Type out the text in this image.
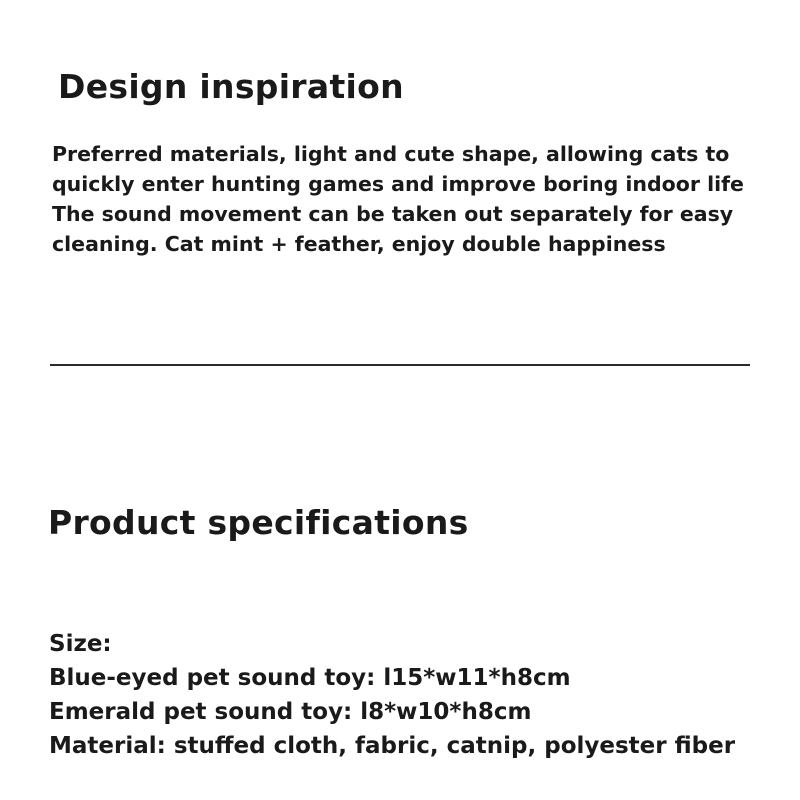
Design inspiration

Preferred materials, light and cute shape, allowing cats to
quickly enter hunting games and improve boring indoor life
The sound movement can be taken out separately for easy
cleaning. Cat mint + feather, enjoy double happiness

Product specifications
Size:
Blue-eyed pet sound toy: l15*w11*h8cm
Emerald pet sound toy: l8*w10*h8cm
Material: stuffed cloth, fabric, catnip, polyester fiber
